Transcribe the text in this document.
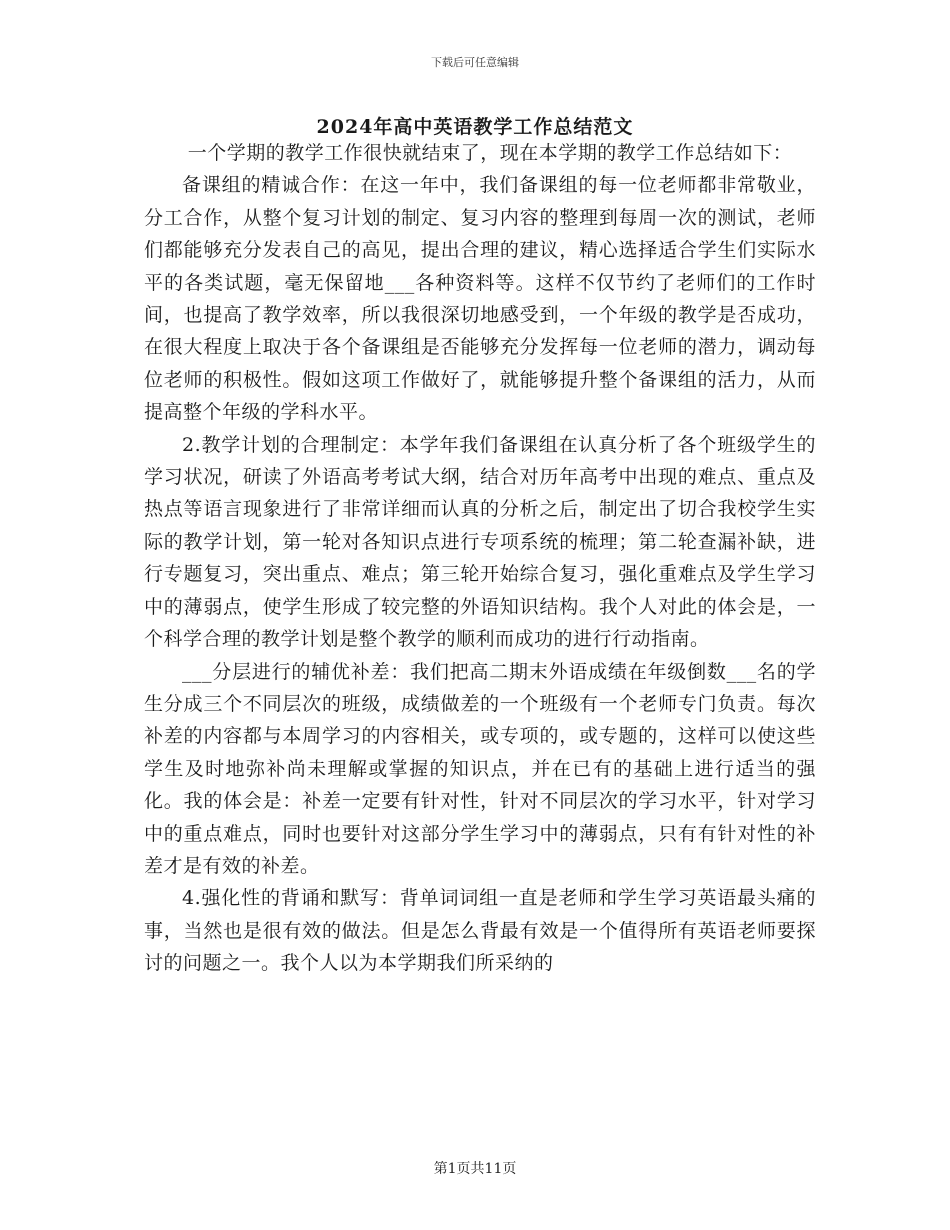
下载后可任意编辑
2024年高中英语教学工作总结范文

一个学期的教学工作很快就结束了，现在本学期的教学工作总结如下：

备课组的精诚合作：在这一年中，我们备课组的每一位老师都非常敬业，分工合作，从整个复习计划的制定、复习内容的整理到每周一次的测试，老师们都能够充分发表自己的高见，提出合理的建议，精心选择适合学生们实际水平的各类试题，毫无保留地___各种资料等。这样不仅节约了老师们的工作时间，也提高了教学效率，所以我很深切地感受到，一个年级的教学是否成功，在很大程度上取决于各个备课组是否能够充分发挥每一位老师的潜力，调动每位老师的积极性。假如这项工作做好了，就能够提升整个备课组的活力，从而提高整个年级的学科水平。

2.教学计划的合理制定：本学年我们备课组在认真分析了各个班级学生的学习状况，研读了外语高考考试大纲，结合对历年高考中出现的难点、重点及热点等语言现象进行了非常详细而认真的分析之后，制定出了切合我校学生实际的教学计划，第一轮对各知识点进行专项系统的梳理；第二轮查漏补缺，进行专题复习，突出重点、难点；第三轮开始综合复习，强化重难点及学生学习中的薄弱点，使学生形成了较完整的外语知识结构。我个人对此的体会是，一个科学合理的教学计划是整个教学的顺利而成功的进行行动指南。

___分层进行的辅优补差：我们把高二期末外语成绩在年级倒数___名的学生分成三个不同层次的班级，成绩做差的一个班级有一个老师专门负责。每次补差的内容都与本周学习的内容相关，或专项的，或专题的，这样可以使这些学生及时地弥补尚未理解或掌握的知识点，并在已有的基础上进行适当的强化。我的体会是：补差一定要有针对性，针对不同层次的学习水平，针对学习中的重点难点，同时也要针对这部分学生学习中的薄弱点，只有有针对性的补差才是有效的补差。

4.强化性的背诵和默写：背单词词组一直是老师和学生学习英语最头痛的事，当然也是很有效的做法。但是怎么背最有效是一个值得所有英语老师要探讨的问题之一。我个人以为本学期我们所采纳的

第1页共11页
